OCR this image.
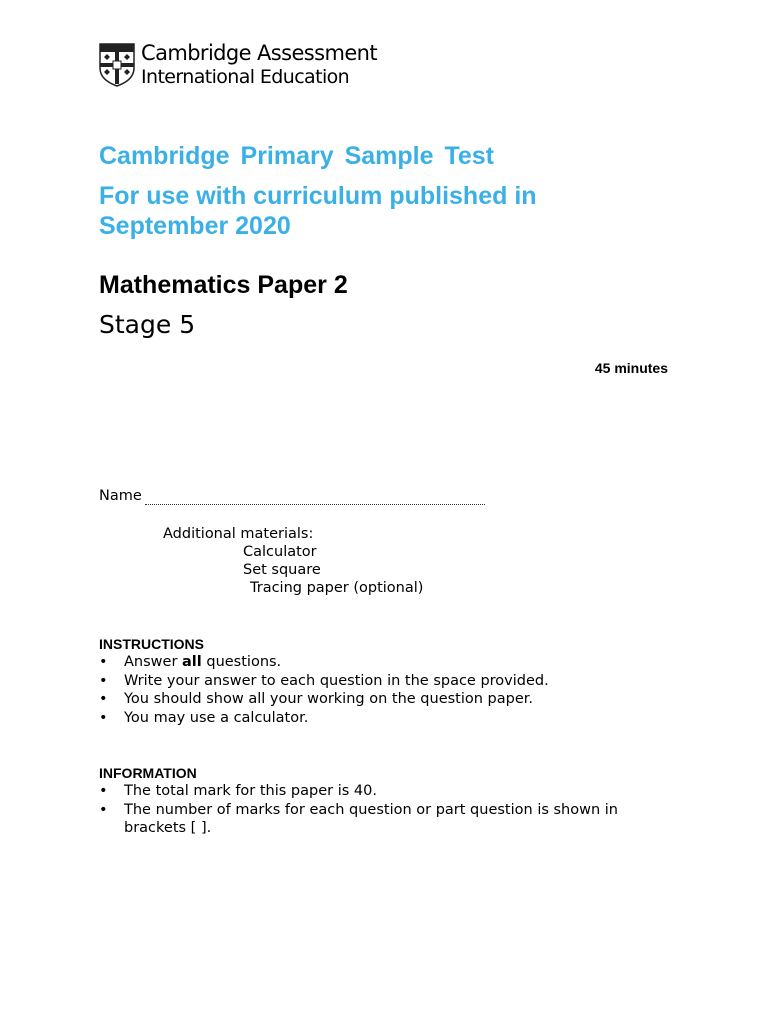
Cambridge Assessment
International Education
Cambridge Primary Sample Test
For use with curriculum published in
September 2020
Mathematics Paper 2
Stage 5
45 minutes
Name
Additional materials:
Calculator
Set square
Tracing paper (optional)
INSTRUCTIONS
• Answer all questions.
• Write your answer to each question in the space provided.
• You should show all your working on the question paper.
• You may use a calculator.
INFORMATION
• The total mark for this paper is 40.
• The number of marks for each question or part question is shown in brackets [ ].
